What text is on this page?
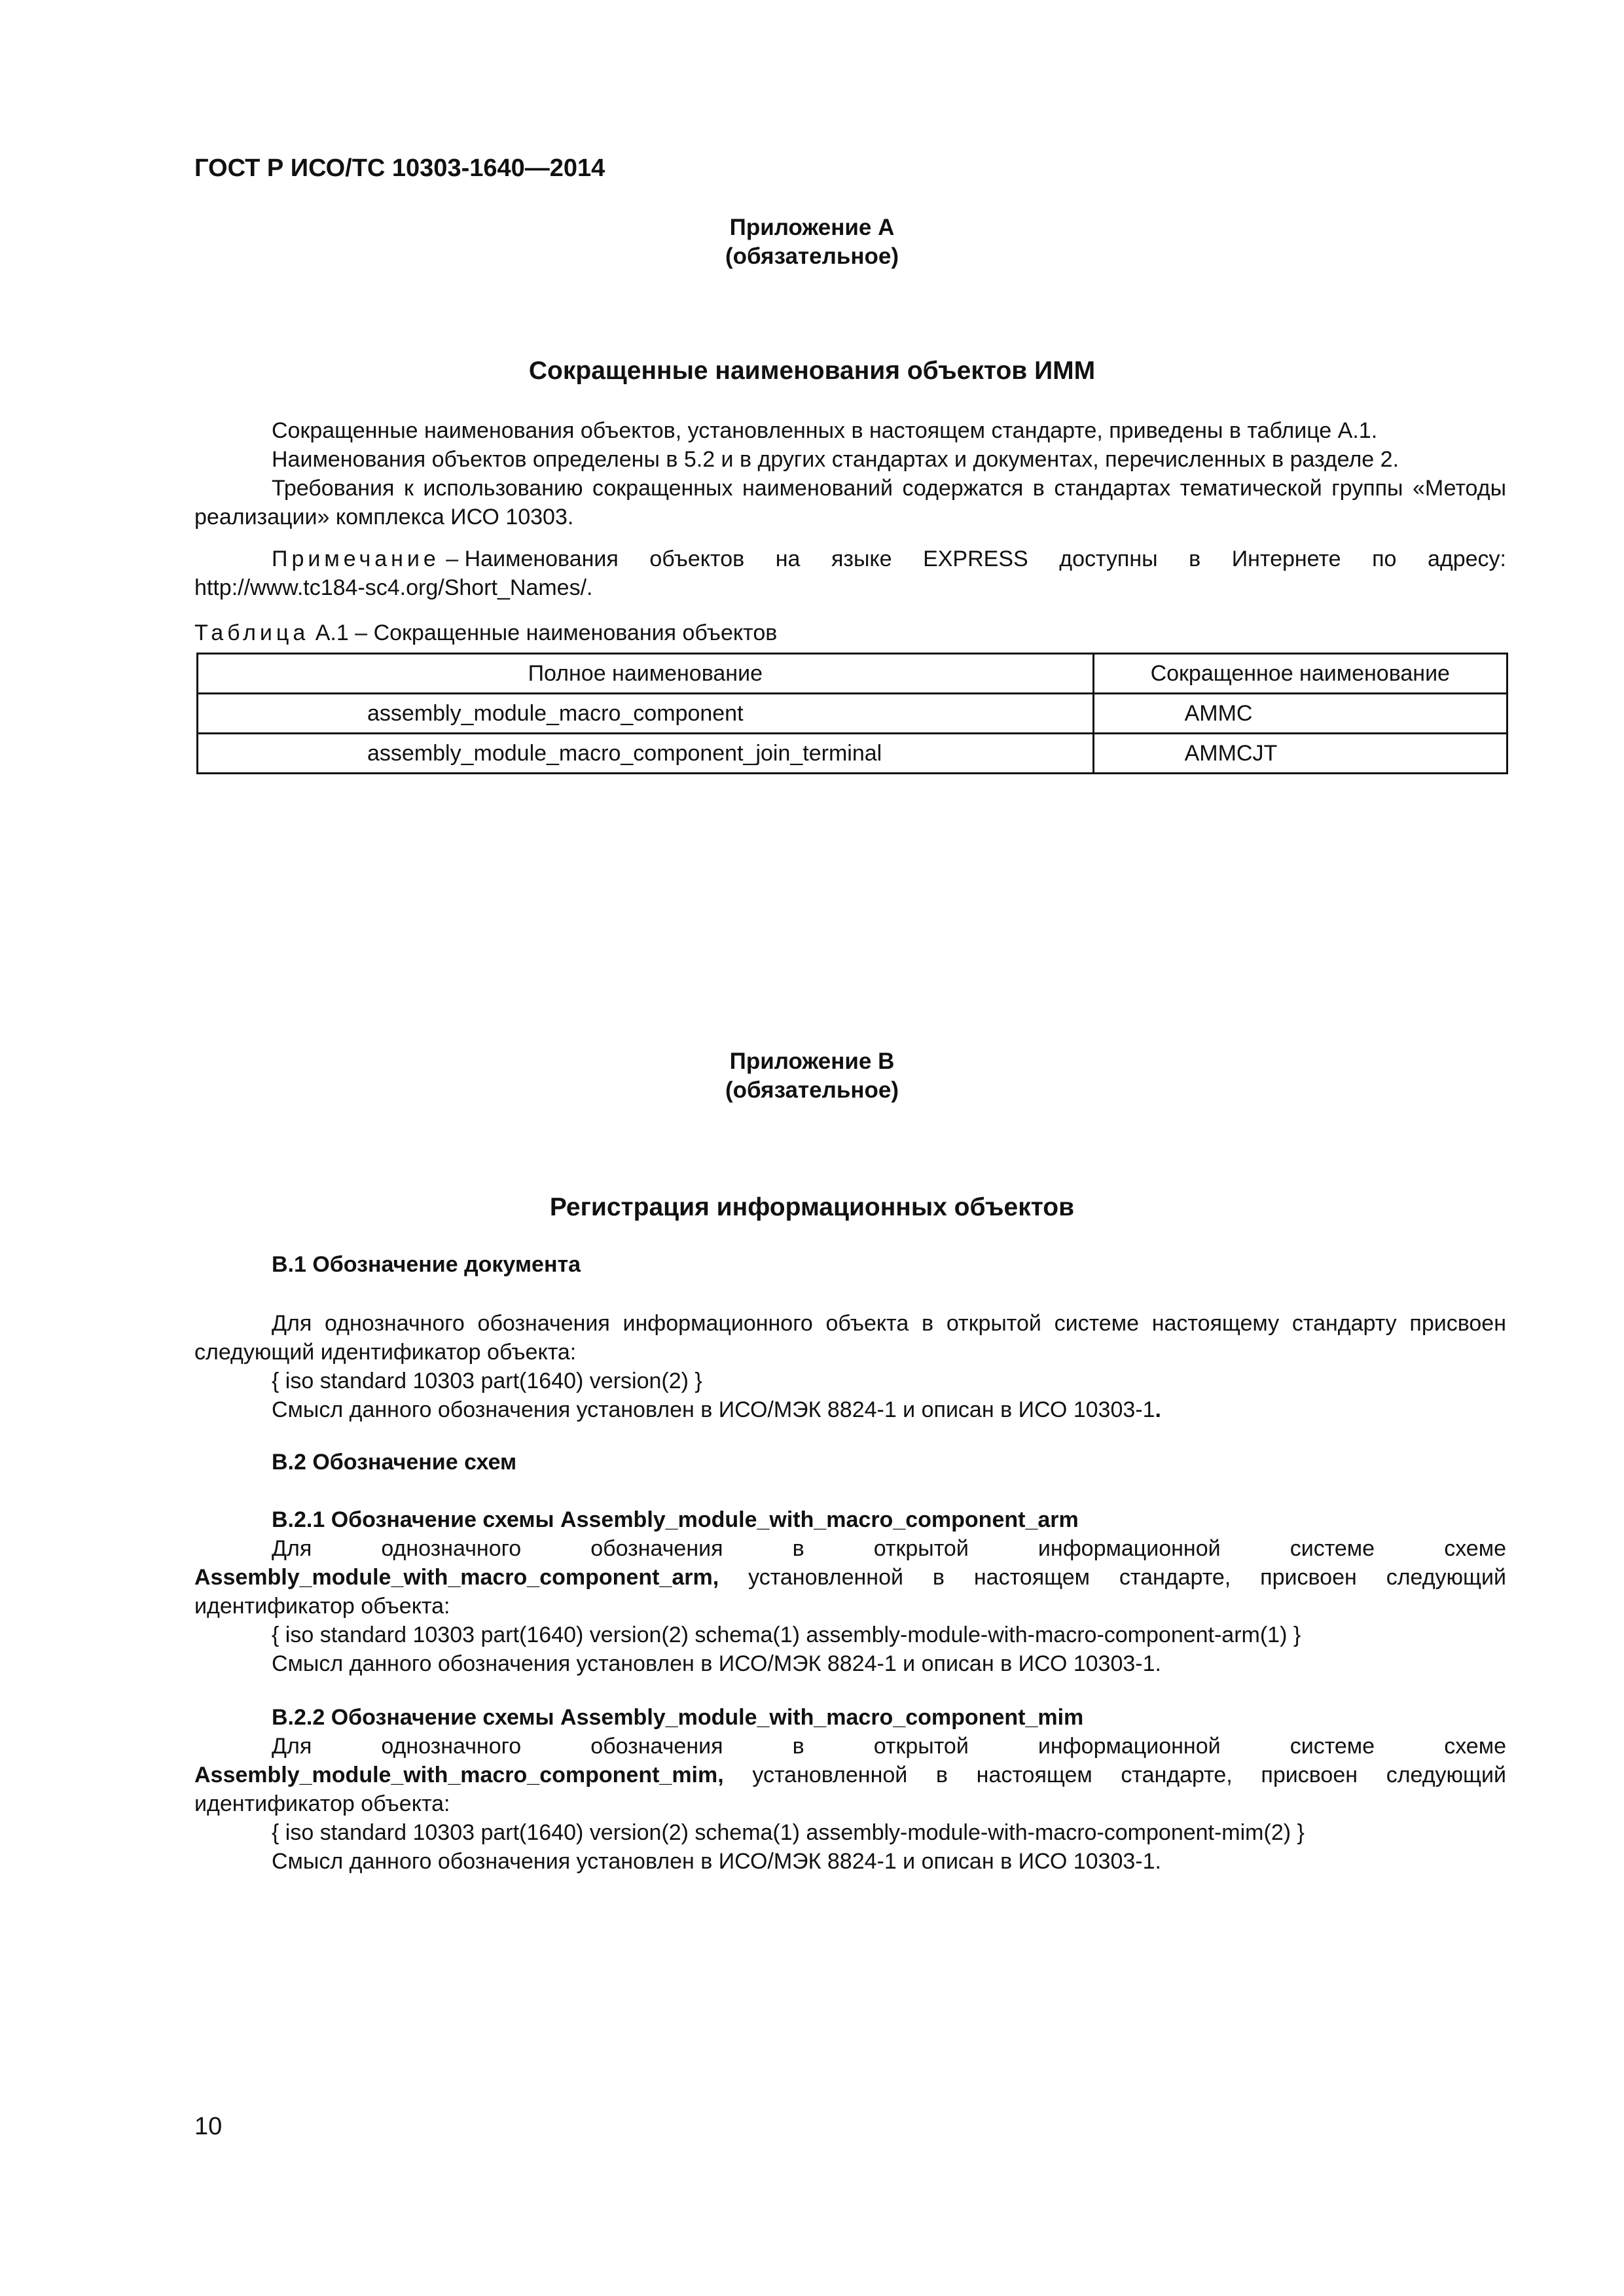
ГОСТ Р ИСО/ТС 10303-1640—2014
Приложение А
(обязательное)
Сокращенные наименования объектов ИММ
Сокращенные наименования объектов, установленных в настоящем стандарте, приведены в таблице А.1.
Наименования объектов определены в 5.2 и в других стандартах и документах, перечисленных в разделе 2.
Требования к использованию сокращенных наименований содержатся в стандартах тематической группы «Методы реализации» комплекса ИСО 10303.
Примечание – Наименования объектов на языке EXPRESS доступны в Интернете по адресу:
http://www.tc184-sc4.org/Short_Names/.
Таблица А.1 – Сокращенные наименования объектов
Полное наименование	Сокращенное наименование
assembly_module_macro_component	AMMC
assembly_module_macro_component_join_terminal	AMMCJT
Приложение В
(обязательное)
Регистрация информационных объектов
В.1 Обозначение документа
Для однозначного обозначения информационного объекта в открытой системе настоящему стандарту присвоен следующий идентификатор объекта:
{ iso standard 10303 part(1640) version(2) }
Смысл данного обозначения установлен в ИСО/МЭК 8824-1 и описан в ИСО 10303-1.
В.2 Обозначение схем
В.2.1 Обозначение схемы Assembly_module_with_macro_component_arm
Для	однозначного	обозначения	в	открытой	информационной	системе	схеме
Assembly_module_with_macro_component_arm, установленной в настоящем стандарте, присвоен следующий идентификатор объекта:
{ iso standard 10303 part(1640) version(2) schema(1) assembly-module-with-macro-component-arm(1) }
Смысл данного обозначения установлен в ИСО/МЭК 8824-1 и описан в ИСО 10303-1.
В.2.2 Обозначение схемы Assembly_module_with_macro_component_mim
Для	однозначного	обозначения	в	открытой	информационной	системе	схеме
Assembly_module_with_macro_component_mim, установленной в настоящем стандарте, присвоен следующий идентификатор объекта:
{ iso standard 10303 part(1640) version(2) schema(1) assembly-module-with-macro-component-mim(2) }
Смысл данного обозначения установлен в ИСО/МЭК 8824-1 и описан в ИСО 10303-1.
10
